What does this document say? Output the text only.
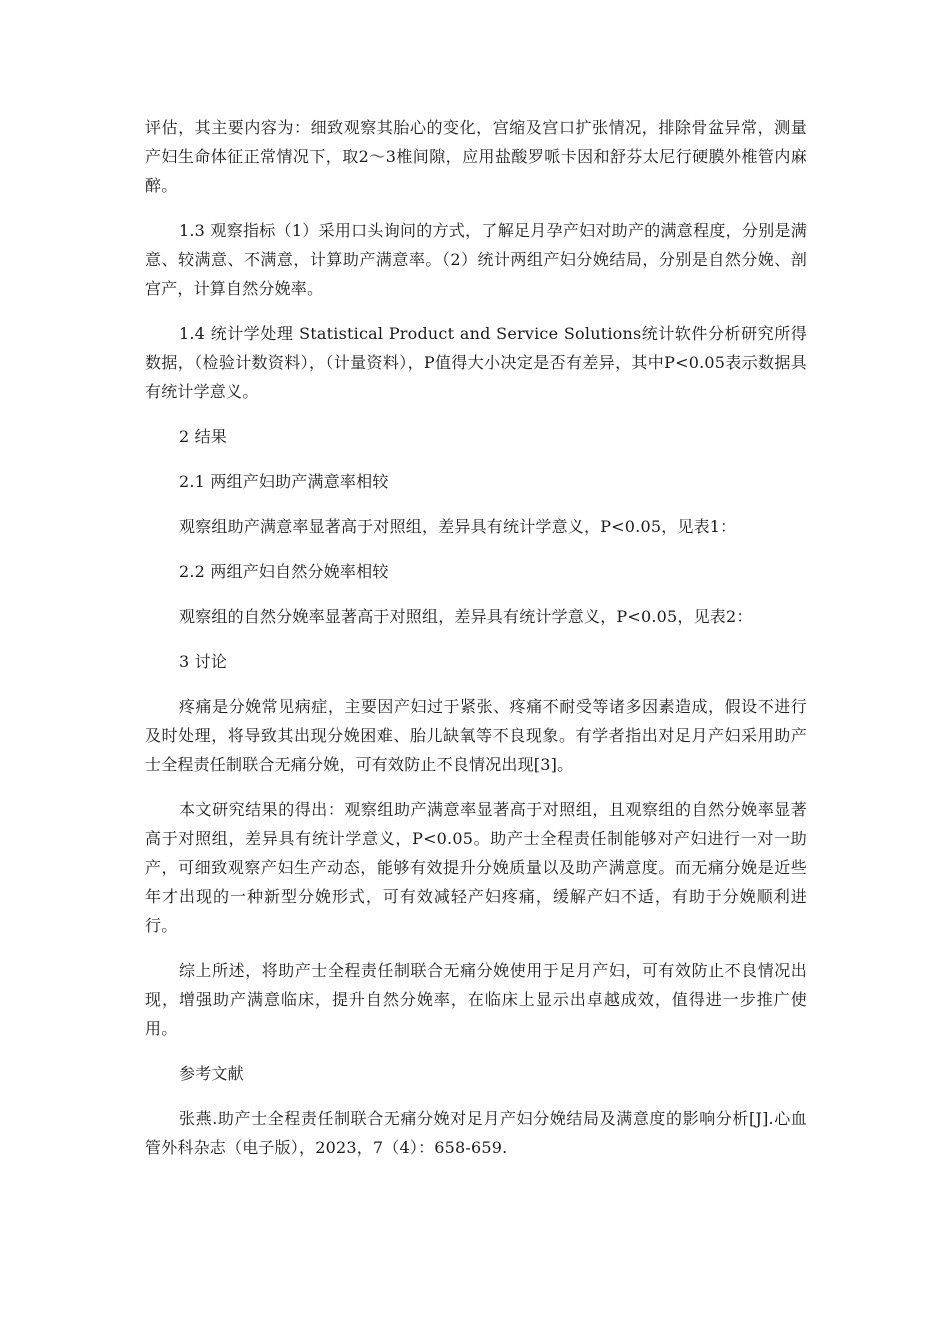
评估，其主要内容为：细致观察其胎心的变化，宫缩及宫口扩张情况，排除骨盆异常，测量产妇生命体征正常情况下，取2～3椎间隙，应用盐酸罗哌卡因和舒芬太尼行硬膜外椎管内麻醉。

1.3 观察指标（1）采用口头询问的方式，了解足月孕产妇对助产的满意程度，分别是满意、较满意、不满意，计算助产满意率。（2）统计两组产妇分娩结局，分别是自然分娩、剖宫产，计算自然分娩率。

1.4 统计学处理 Statistical Product and Service Solutions统计软件分析研究所得数据，（检验计数资料），（计量资料），P值得大小决定是否有差异，其中P<0.05表示数据具有统计学意义。

2 结果

2.1 两组产妇助产满意率相较

观察组助产满意率显著高于对照组，差异具有统计学意义，P<0.05，见表1：

2.2 两组产妇自然分娩率相较

观察组的自然分娩率显著高于对照组，差异具有统计学意义，P<0.05，见表2：

3 讨论

疼痛是分娩常见病症，主要因产妇过于紧张、疼痛不耐受等诸多因素造成，假设不进行及时处理，将导致其出现分娩困难、胎儿缺氧等不良现象。有学者指出对足月产妇采用助产士全程责任制联合无痛分娩，可有效防止不良情况出现[3]。

本文研究结果的得出：观察组助产满意率显著高于对照组，且观察组的自然分娩率显著高于对照组，差异具有统计学意义，P<0.05。助产士全程责任制能够对产妇进行一对一助产，可细致观察产妇生产动态，能够有效提升分娩质量以及助产满意度。而无痛分娩是近些年才出现的一种新型分娩形式，可有效减轻产妇疼痛，缓解产妇不适，有助于分娩顺利进行。

综上所述，将助产士全程责任制联合无痛分娩使用于足月产妇，可有效防止不良情况出现，增强助产满意临床，提升自然分娩率，在临床上显示出卓越成效，值得进一步推广使用。

参考文献

张燕.助产士全程责任制联合无痛分娩对足月产妇分娩结局及满意度的影响分析[J].心血管外科杂志（电子版），2023，7（4）：658-659.
